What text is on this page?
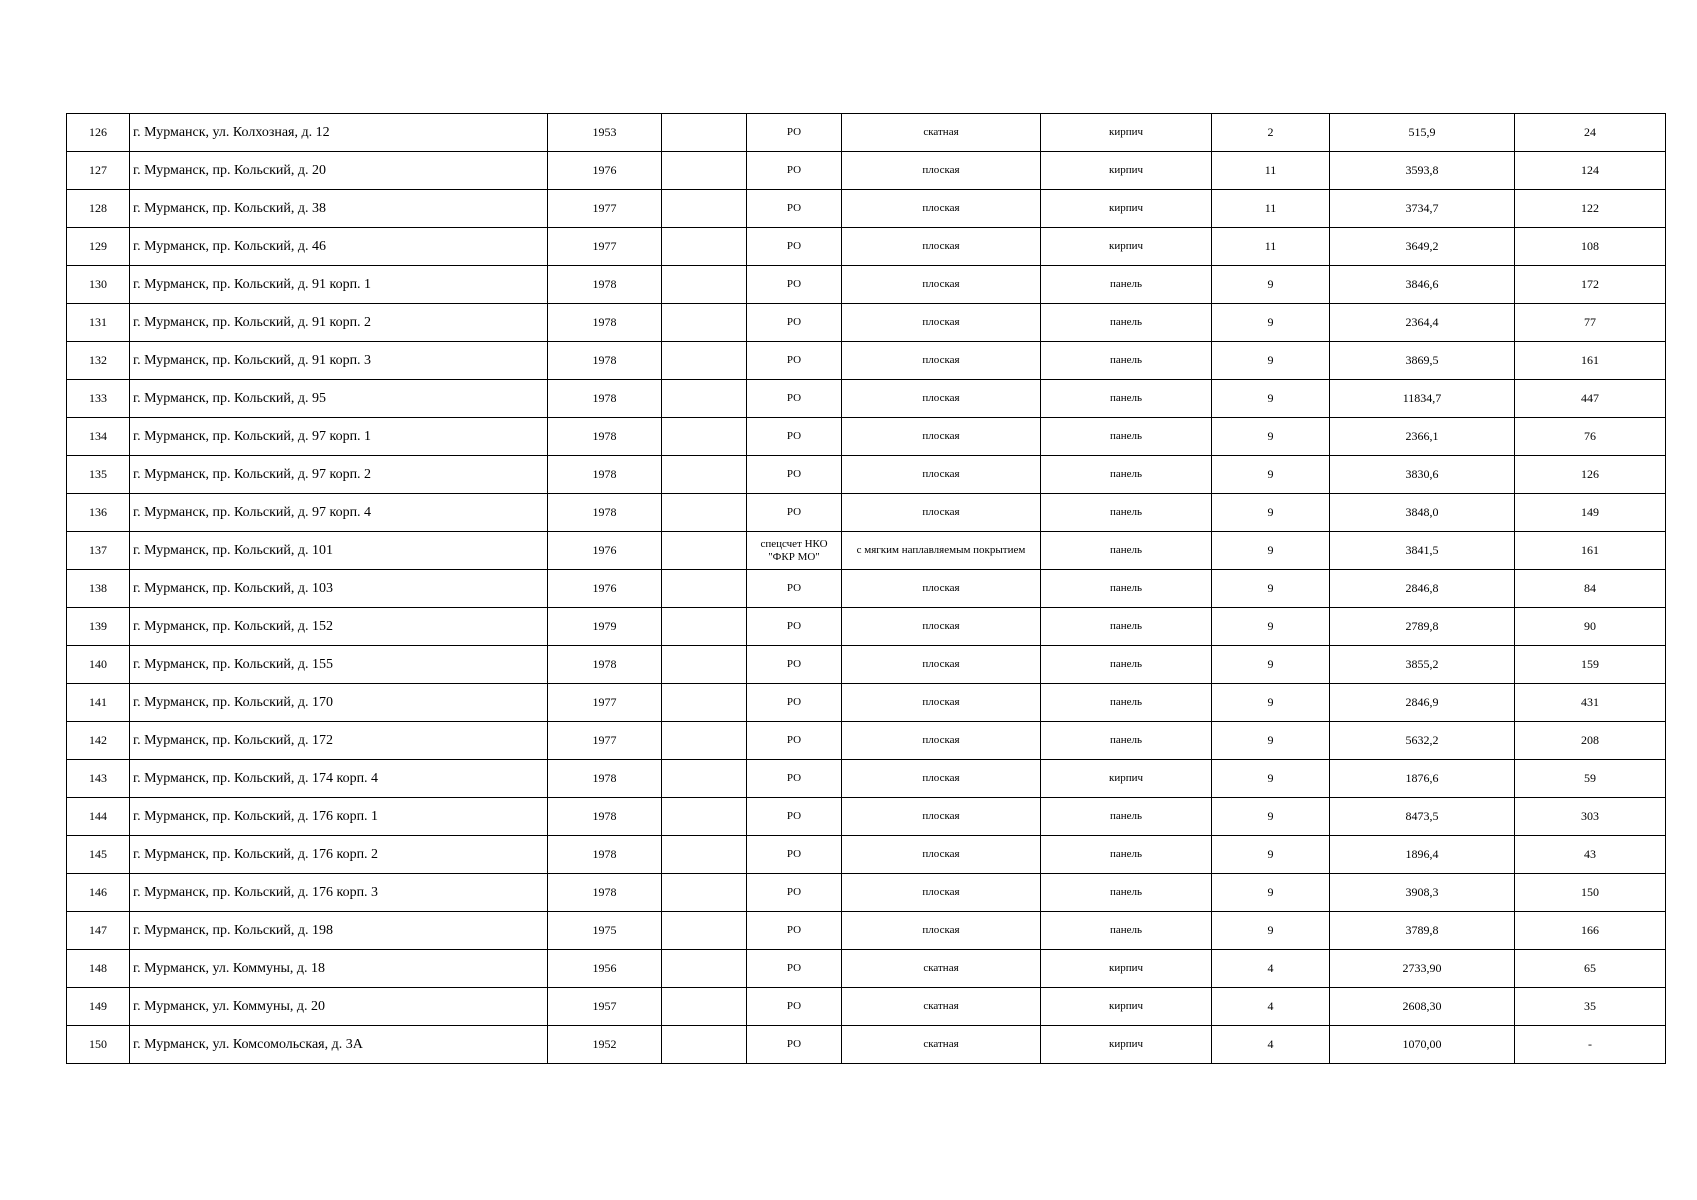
126	г. Мурманск, ул. Колхозная, д. 12	1953		РО	скатная	кирпич	2	515,9	24
127	г. Мурманск, пр. Кольский, д. 20	1976		РО	плоская	кирпич	11	3593,8	124
128	г. Мурманск, пр. Кольский, д. 38	1977		РО	плоская	кирпич	11	3734,7	122
129	г. Мурманск, пр. Кольский, д. 46	1977		РО	плоская	кирпич	11	3649,2	108
130	г. Мурманск, пр. Кольский, д. 91 корп. 1	1978		РО	плоская	панель	9	3846,6	172
131	г. Мурманск, пр. Кольский, д. 91 корп. 2	1978		РО	плоская	панель	9	2364,4	77
132	г. Мурманск, пр. Кольский, д. 91 корп. 3	1978		РО	плоская	панель	9	3869,5	161
133	г. Мурманск, пр. Кольский, д. 95	1978		РО	плоская	панель	9	11834,7	447
134	г. Мурманск, пр. Кольский, д. 97 корп. 1	1978		РО	плоская	панель	9	2366,1	76
135	г. Мурманск, пр. Кольский, д. 97 корп. 2	1978		РО	плоская	панель	9	3830,6	126
136	г. Мурманск, пр. Кольский, д. 97 корп. 4	1978		РО	плоская	панель	9	3848,0	149
137	г. Мурманск, пр. Кольский, д. 101	1976		спецсчет НКО "ФКР МО"	с мягким наплавляемым покрытием	панель	9	3841,5	161
138	г. Мурманск, пр. Кольский, д. 103	1976		РО	плоская	панель	9	2846,8	84
139	г. Мурманск, пр. Кольский, д. 152	1979		РО	плоская	панель	9	2789,8	90
140	г. Мурманск, пр. Кольский, д. 155	1978		РО	плоская	панель	9	3855,2	159
141	г. Мурманск, пр. Кольский, д. 170	1977		РО	плоская	панель	9	2846,9	431
142	г. Мурманск, пр. Кольский, д. 172	1977		РО	плоская	панель	9	5632,2	208
143	г. Мурманск, пр. Кольский, д. 174 корп. 4	1978		РО	плоская	кирпич	9	1876,6	59
144	г. Мурманск, пр. Кольский, д. 176 корп. 1	1978		РО	плоская	панель	9	8473,5	303
145	г. Мурманск, пр. Кольский, д. 176 корп. 2	1978		РО	плоская	панель	9	1896,4	43
146	г. Мурманск, пр. Кольский, д. 176 корп. 3	1978		РО	плоская	панель	9	3908,3	150
147	г. Мурманск, пр. Кольский, д. 198	1975		РО	плоская	панель	9	3789,8	166
148	г. Мурманск, ул. Коммуны, д. 18	1956		РО	скатная	кирпич	4	2733,90	65
149	г. Мурманск, ул. Коммуны, д. 20	1957		РО	скатная	кирпич	4	2608,30	35
150	г. Мурманск, ул. Комсомольская, д. 3А	1952		РО	скатная	кирпич	4	1070,00	-
